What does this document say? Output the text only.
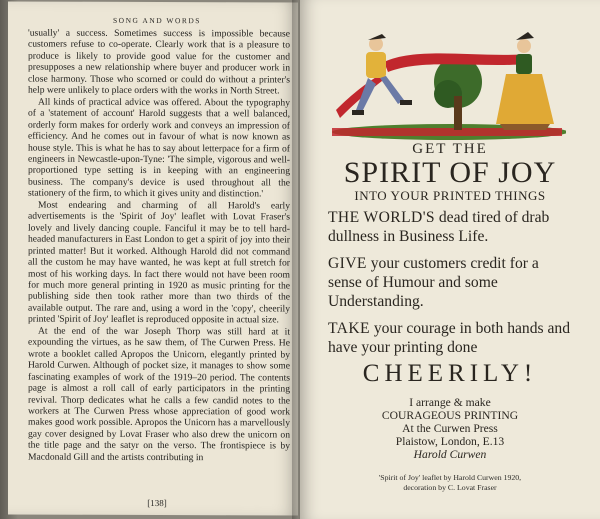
SONG AND WORDS

'usually' a success. Sometimes success is impossible because customers refuse to co-operate. Clearly work that is a pleasure to produce is likely to provide good value for the customer and presupposes a new relationship where buyer and producer work in close harmony. Those who scorned or could do without a printer's help were unlikely to place orders with the works in North Street.

All kinds of practical advice was offered. About the typography of a 'statement of account' Harold suggests that a well balanced, orderly form makes for orderly work and conveys an impression of efficiency. And he comes out in favour of what is now known as house style. This is what he has to say about letterpace for a firm of engineers in Newcastle-upon-Tyne: 'The simple, vigorous and well-proportioned type setting is in keeping with an engineering business. The company's device is used throughout all the stationery of the firm, to which it gives unity and distinction.'

Most endearing and charming of all Harold's early advertisements is the 'Spirit of Joy' leaflet with Lovat Fraser's lovely and lively dancing couple. Fanciful it may be to tell hard-headed manufacturers in East London to get a spirit of joy into their printed matter! But it worked. Although Harold did not command all the custom he may have wanted, he was kept at full stretch for most of his working days. In fact there would not have been room for much more general printing in 1920 as music printing for the publishing side then took rather more than two thirds of the available output. The rare and, using a word in the 'copy', cheerily printed 'Spirit of Joy' leaflet is reproduced opposite in actual size.

At the end of the war Joseph Thorp was still hard at it expounding the virtues, as he saw them, of The Curwen Press. He wrote a booklet called Apropos the Unicorn, elegantly printed by Harold Curwen. Although of pocket size, it manages to show some fascinating examples of work of the 1919–20 period. The contents page is almost a roll call of early participators in the printing revival. Thorp dedicates what he calls a few candid notes to the workers at The Curwen Press whose appreciation of good work makes good work possible. Apropos the Unicorn has a marvellously gay cover designed by Lovat Fraser who also drew the unicorn on the title page and the satyr on the verso. The frontispiece is by Macdonald Gill and the artists contributing in

[138]
GET THE
SPIRIT OF JOY
INTO YOUR PRINTED THINGS
THE WORLD'S dead tired of drab dullness in Business Life.
GIVE your customers credit for a sense of Humour and some Understanding.
TAKE your courage in both hands and have your printing done
CHEERILY!
I arrange & make
COURAGEOUS PRINTING
At the Curwen Press
Plaistow, London, E.13
Harold Curwen
'Spirit of Joy' leaflet by Harold Curwen 1920,
decoration by C. Lovat Fraser
